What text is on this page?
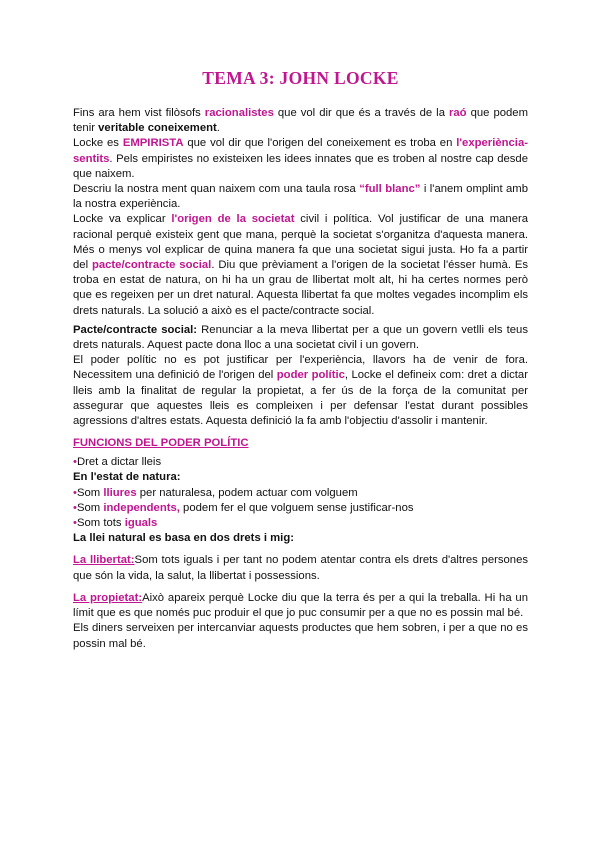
TEMA 3: JOHN LOCKE

Fins ara hem vist filòsofs racionalistes que vol dir que és a través de la raó que podem tenir veritable coneixement.

Locke es EMPIRISTA que vol dir que l'origen del coneixement es troba en l'experiència-sentits. Pels empiristes no existeixen les idees innates que es troben al nostre cap desde que naixem.

Descriu la nostra ment quan naixem com una taula rosa “full blanc” i l'anem omplint amb la nostra experiència.

Locke va explicar l'origen de la societat civil i política. Vol justificar de una manera racional perquè existeix gent que mana, perquè la societat s'organitza d'aquesta manera. Més o menys vol explicar de quina manera fa que una societat sigui justa. Ho fa a partir del pacte/contracte social. Diu que prèviament a l'origen de la societat l'ésser humà. Es troba en estat de natura, on hi ha un grau de llibertat molt alt, hi ha certes normes però que es regeixen per un dret natural. Aquesta llibertat fa que moltes vegades incomplim els drets naturals. La solució a això es el pacte/contracte social.

Pacte/contracte social: Renunciar a la meva llibertat per a que un govern vetlli els teus drets naturals. Aquest pacte dona lloc a una societat civil i un govern.

El poder polític no es pot justificar per l'experiència, llavors ha de venir de fora. Necessitem una definició de l'origen del poder polític, Locke el defineix com: dret a dictar lleis amb la finalitat de regular la propietat, a fer ús de la força de la comunitat per assegurar que aquestes lleis es compleixen i per defensar l'estat durant possibles agressions d'altres estats. Aquesta definició la fa amb l'objectiu d'assolir i mantenir.

FUNCIONS DEL PODER POLÍTIC

•Dret a dictar lleis

En l'estat de natura:

•Som lliures per naturalesa, podem actuar com volguem

•Som independents, podem fer el que volguem sense justificar-nos

•Som tots iguals

La llei natural es basa en dos drets i mig:

La llibertat:Som tots iguals i per tant no podem atentar contra els drets d'altres persones que són la vida, la salut, la llibertat i possessions.

La propietat:Això apareix perquè Locke diu que la terra és per a qui la treballa. Hi ha un límit que es que només puc produir el que jo puc consumir per a que no es possin mal bé.

Els diners serveixen per intercanviar aquests productes que hem sobren, i per a que no es possin mal bé.
